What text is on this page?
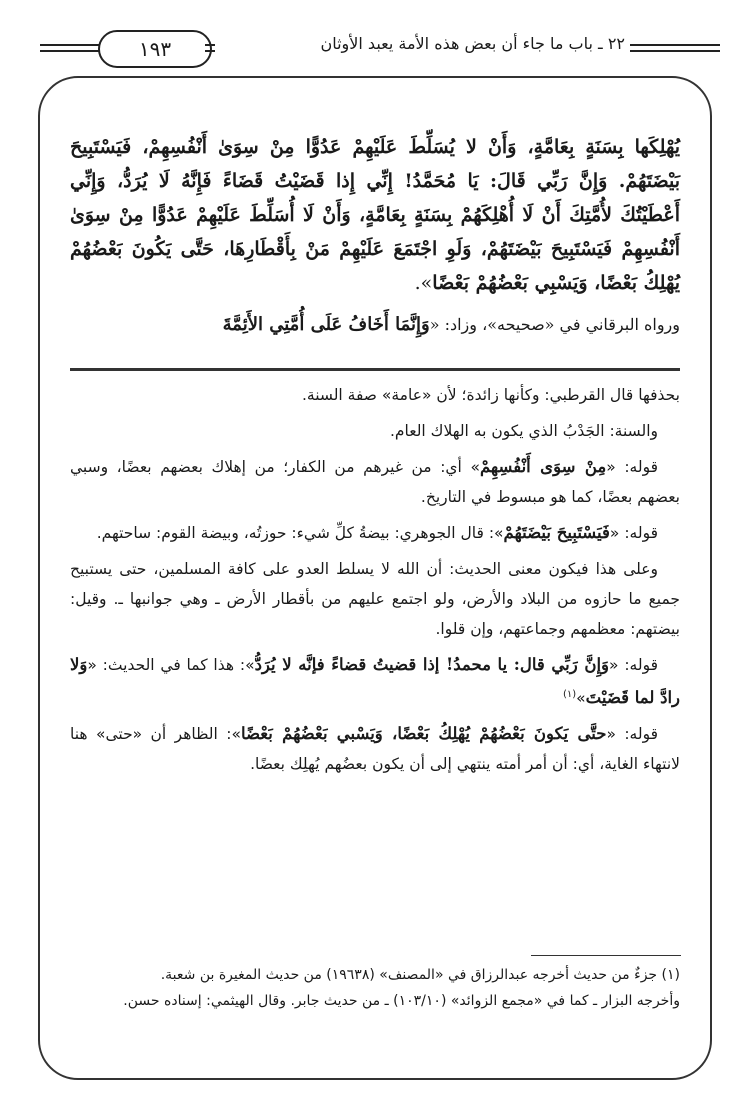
١٩٣	٢٢ ـ باب ما جاء أن بعض هذه الأمة يعبد الأوثان
يُهْلِكَها بِسَنَةٍ بِعَامَّةٍ، وَأَنْ لا يُسَلِّطَ عَلَيْهِمْ عَدُوًّا مِنْ سِوَىٰ أَنْفُسِهِمْ، فَيَسْتَبِيحَ بَيْضَتَهُمْ. وَإِنَّ رَبِّي قَالَ: يَا مُحَمَّدُ! إِنِّي إِذا قَضَيْتُ قَضَاءً فَإِنَّهُ لَا يُرَدُّ، وَإِنِّي أَعْطَيْتُكَ لأُمَّتِكَ أَنْ لَا أُهْلِكَهُمْ بِسَنَةٍ بِعَامَّةٍ، وَأَنْ لَا أُسَلِّطَ عَلَيْهِمْ عَدُوًّا مِنْ سِوَىٰ أَنْفُسِهِمْ فَيَسْتَبِيحَ بَيْضَتَهُمْ، وَلَوِ اجْتَمَعَ عَلَيْهِمْ مَنْ بِأَقْطَارِهَا، حَتَّى يَكُونَ بَعْضُهُمْ يُهْلِكُ بَعْضًا، وَيَسْبِي بَعْضُهُمْ بَعْضًا».
ورواه البرقاني في «صحيحه»، وزاد: «وَإِنَّمَا أَخَافُ عَلَى أُمَّتِي الأَئِمَّةَ

بحذفها قال القرطبي: وكأنها زائدة؛ لأن «عامة» صفة السنة.

والسنة: الجَدْبُ الذي يكون به الهلاك العام.

قوله: «مِنْ سِوَى أَنْفُسِهِمْ» أي: من غيرهم من الكفار؛ من إهلاك بعضهم بعضًا، وسبي بعضهم بعضًا، كما هو مبسوط في التاريخ.

قوله: «فَيَسْتَبِيحَ بَيْضَتَهُمْ»: قال الجوهري: بيضةُ كلِّ شيء: حوزتُه، وبيضة القوم: ساحتهم.

وعلى هذا فيكون معنى الحديث: أن الله لا يسلط العدو على كافة المسلمين، حتى يستبيح جميع ما حازوه من البلاد والأرض، ولو اجتمع عليهم من بأقطار الأرض ـ وهي جوانبها ـ. وقيل: بيضتهم: معظمهم وجماعتهم، وإن قلوا.

قوله: «وَإِنَّ رَبِّي قال: يا محمدُ! إذا قضيتُ قضاءً فإنَّه لا يُرَدُّ»: هذا كما في الحديث: «وَلا رادَّ لما قَضَيْتَ»$^{(١)}$

قوله: «حتَّى يَكونَ بَعْضُهُمْ يُهْلِكُ بَعْضًا، وَيَسْبي بَعْضُهُمْ بَعْضًا»: الظاهر أن «حتى» هنا لانتهاء الغاية، أي: أن أمر أمته ينتهي إلى أن يكون بعضُهم يُهلِك بعضًا.

(١) جزءٌ من حديث أخرجه عبدالرزاق في «المصنف» (١٩٦٣٨) من حديث المغيرة بن شعبة.

وأخرجه البزار ـ كما في «مجمع الزوائد» (١٠٣/١٠) ـ من حديث جابر. وقال الهيثمي: إسناده حسن.
